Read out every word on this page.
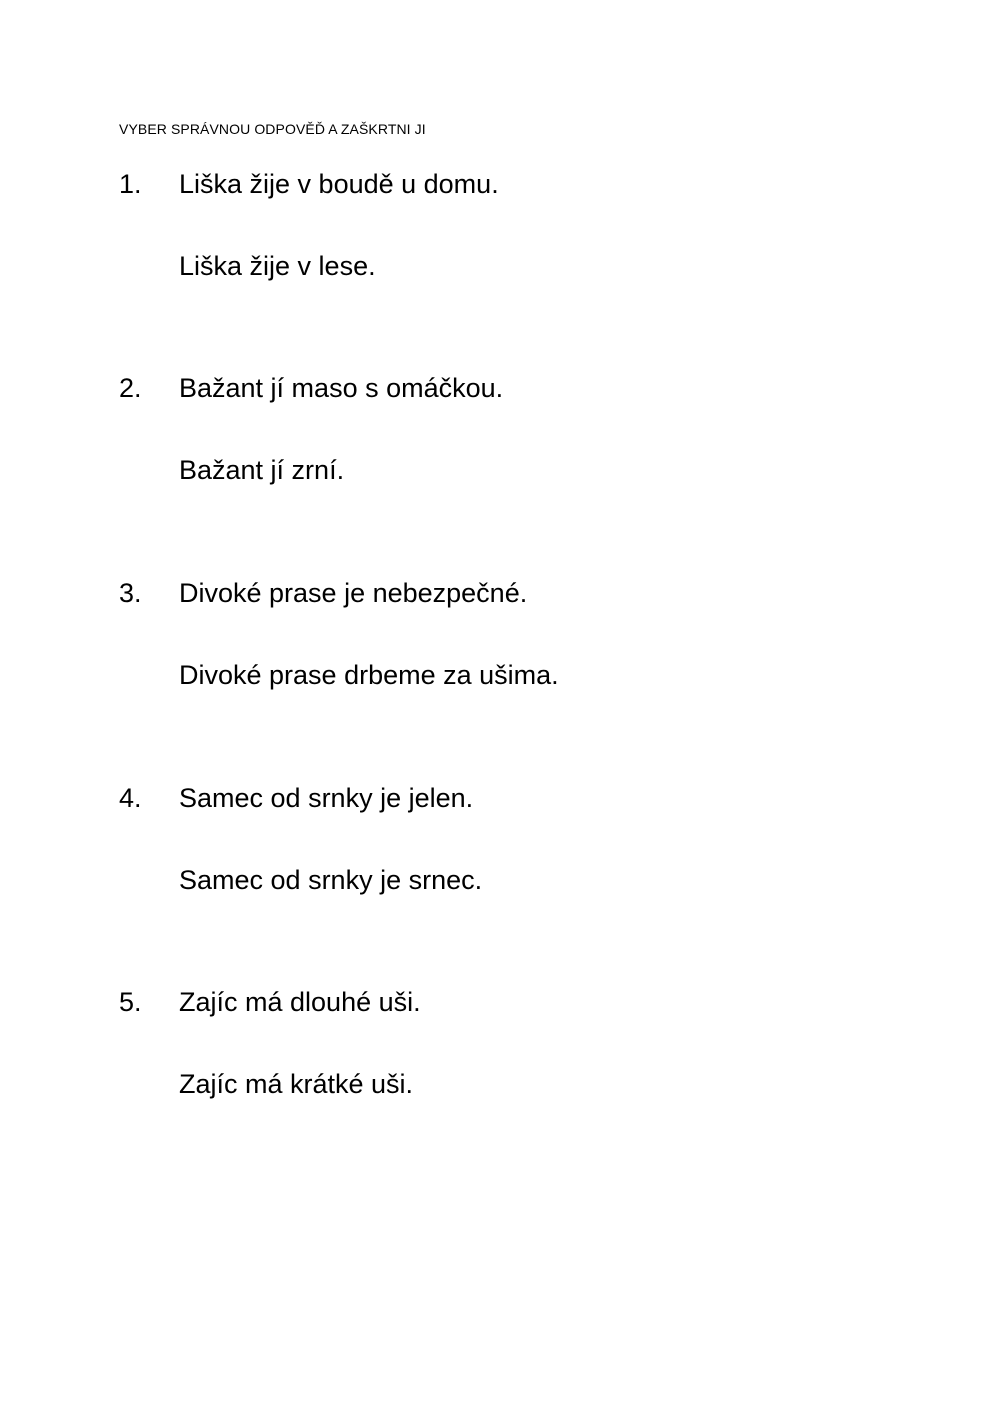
VYBER SPRÁVNOU ODPOVĚĎ A ZAŠKRTNI JI
1. Liška žije v boudě u domu.
Liška žije v lese.
2. Bažant jí maso s omáčkou.
Bažant jí zrní.
3. Divoké prase je nebezpečné.
Divoké prase drbeme za ušima.
4. Samec od srnky je jelen.
Samec od srnky je srnec.
5. Zajíc má dlouhé uši.
Zajíc má krátké uši.
